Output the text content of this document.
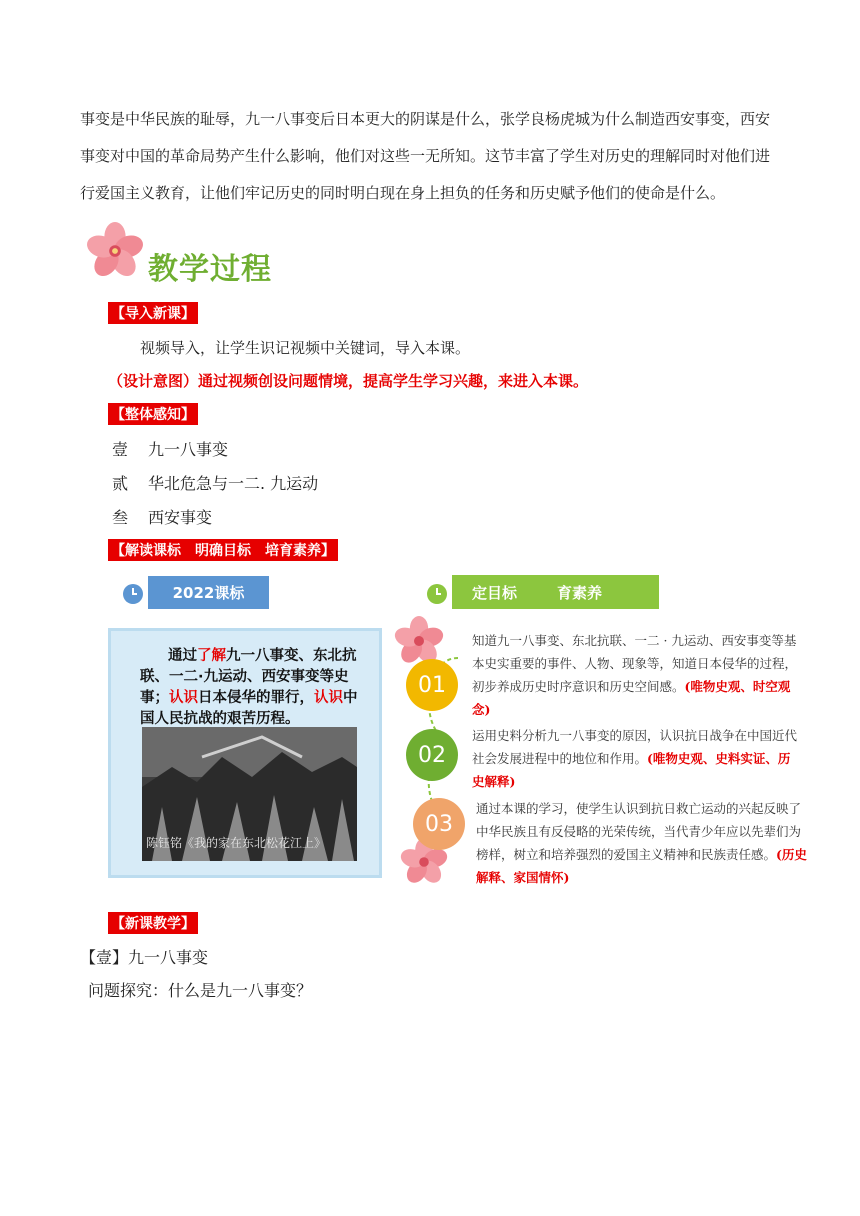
事变是中华民族的耻辱，九一八事变后日本更大的阴谋是什么，张学良杨虎城为什么制造西安事变，西安
事变对中国的革命局势产生什么影响，他们对这些一无所知。这节丰富了学生对历史的理解同时对他们进
行爱国主义教育，让他们牢记历史的同时明白现在身上担负的任务和历史赋予他们的使命是什么。
教学过程
【导入新课】
视频导入，让学生识记视频中关键词，导入本课。
（设计意图）通过视频创设问题情境，提高学生学习兴趣，来进入本课。
【整体感知】
壹 九一八事变
贰 华北危急与一二. 九运动
叁 西安事变
【解读课标　明确目标　培育素养】
2022课标	定目标	育素养
通过了解九一八事变、东北抗联、一二·九运动、西安事变等史事；认识日本侵华的罪行，认识中国人民抗战的艰苦历程。
陈钰铭《我的家在东北松花江上》
01
02
03
知道九一八事变、东北抗联、一二 · 九运动、西安事变等基本史实重要的事件、人物、现象等，知道日本侵华的过程，初步养成历史时序意识和历史空间感。(唯物史观、时空观念)
运用史料分析九一八事变的原因，认识抗日战争在中国近代社会发展进程中的地位和作用。(唯物史观、史料实证、历史解释)
通过本课的学习，使学生认识到抗日救亡运动的兴起反映了中华民族且有反侵略的光荣传统，当代青少年应以先辈们为榜样，树立和培养强烈的爱国主义精神和民族责任感。(历史解释、家国情怀)
【新课教学】
【壹】九一八事变
问题探究：什么是九一八事变？
